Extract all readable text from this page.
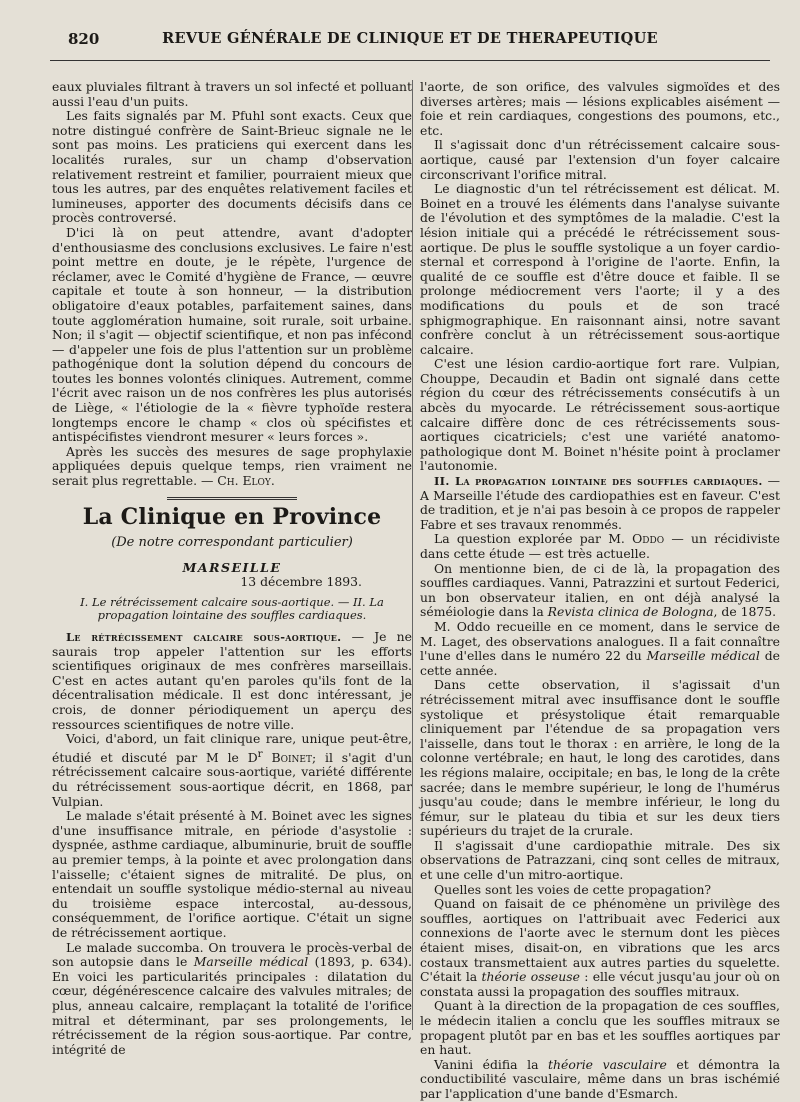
820	REVUE GÉNÉRALE DE CLINIQUE ET DE THERAPEUTIQUE

eaux pluviales filtrant à travers un sol infecté et polluant aussi l'eau d'un puits.

Les faits signalés par M. Pfuhl sont exacts. Ceux que notre distingué confrère de Saint-Brieuc signale ne le sont pas moins. Les praticiens qui exercent dans les localités rurales, sur un champ d'observation relativement restreint et familier, pourraient mieux que tous les autres, par des enquêtes relativement faciles et lumineuses, apporter des documents décisifs dans ce procès controversé.

D'ici là on peut attendre, avant d'adopter d'enthousiasme des conclusions exclusives. Le faire n'est point mettre en doute, je le répète, l'urgence de réclamer, avec le Comité d'hygiène de France, — œuvre capitale et toute à son honneur, — la distribution obligatoire d'eaux potables, parfaitement saines, dans toute agglomération humaine, soit rurale, soit urbaine. Non; il s'agit — objectif scientifique, et non pas infécond — d'appeler une fois de plus l'attention sur un problème pathogénique dont la solution dépend du concours de toutes les bonnes volontés cliniques. Autrement, comme l'écrit avec raison un de nos confrères les plus autorisés de Liège, « l'étiologie de la « fièvre typhoïde restera longtemps encore le champ « clos où spécifistes et antispécifistes viendront mesurer « leurs forces ».

Après les succès des mesures de sage prophylaxie appliquées depuis quelque temps, rien vraiment ne serait plus regrettable. — Ch. Eloy.

La Clinique en Province
(De notre correspondant particulier)
MARSEILLE
13 décembre 1893.
I. Le rétrécissement calcaire sous-aortique. — II. La propagation lointaine des souffles cardiaques.

Le rétrécissement calcaire sous-aortique. — Je ne saurais trop appeler l'attention sur les efforts scientifiques originaux de mes confrères marseillais. C'est en actes autant qu'en paroles qu'ils font de la décentralisation médicale. Il est donc intéressant, je crois, de donner périodiquement un aperçu des ressources scientifiques de notre ville.

Voici, d'abord, un fait clinique rare, unique peut-être, étudié et discuté par M le $D^r$ Boinet; il s'agit d'un rétrécissement calcaire sous-aortique, variété différente du rétrécissement sous-aortique décrit, en 1868, par Vulpian.

Le malade s'était présenté à M. Boinet avec les signes d'une insuffisance mitrale, en période d'asystolie : dyspnée, asthme cardiaque, albuminurie, bruit de souffle au premier temps, à la pointe et avec prolongation dans l'aisselle; c'étaient signes de mitralité. De plus, on entendait un souffle systolique médio-sternal au niveau du troisième espace intercostal, au-dessous, conséquemment, de l'orifice aortique. C'était un signe de rétrécissement aortique.

Le malade succomba. On trouvera le procès-verbal de son autopsie dans le Marseille médical (1893, p. 634). En voici les particularités principales : dilatation du cœur, dégénérescence calcaire des valvules mitrales; de plus, anneau calcaire, remplaçant la totalité de l'orifice mitral et déterminant, par ses prolongements, le rétrécissement de la région sous-aortique. Par contre, intégrité de

l'aorte, de son orifice, des valvules sigmoïdes et des diverses artères; mais — lésions explicables aisément — foie et rein cardiaques, congestions des poumons, etc., etc.

Il s'agissait donc d'un rétrécissement calcaire sous-aortique, causé par l'extension d'un foyer calcaire circonscrivant l'orifice mitral.

Le diagnostic d'un tel rétrécissement est délicat. M. Boinet en a trouvé les éléments dans l'analyse suivante de l'évolution et des symptômes de la maladie. C'est la lésion initiale qui a précédé le rétrécissement sous-aortique. De plus le souffle systolique a un foyer cardio-sternal et correspond à l'origine de l'aorte. Enfin, la qualité de ce souffle est d'être douce et faible. Il se prolonge médiocrement vers l'aorte; il y a des modifications du pouls et de son tracé sphigmographique. En raisonnant ainsi, notre savant confrère conclut à un rétrécissement sous-aortique calcaire.

C'est une lésion cardio-aortique fort rare. Vulpian, Chouppe, Decaudin et Badin ont signalé dans cette région du cœur des rétrécissements consécutifs à un abcès du myocarde. Le rétrécissement sous-aortique calcaire diffère donc de ces rétrécissements sous-aortiques cicatriciels; c'est une variété anatomo-pathologique dont M. Boinet n'hésite point à proclamer l'autonomie.

II. La propagation lointaine des souffles cardiaques. — A Marseille l'étude des cardiopathies est en faveur. C'est de tradition, et je n'ai pas besoin à ce propos de rappeler Fabre et ses travaux renommés.

La question explorée par M. Oddo — un récidiviste dans cette étude — est très actuelle.

On mentionne bien, de ci de là, la propagation des souffles cardiaques. Vanni, Patrazzini et surtout Federici, un bon observateur italien, en ont déjà analysé la séméiologie dans la Revista clinica de Bologna, de 1875.

M. Oddo recueille en ce moment, dans le service de M. Laget, des observations analogues. Il a fait connaître l'une d'elles dans le numéro 22 du Marseille médical de cette année.

Dans cette observation, il s'agissait d'un rétrécissement mitral avec insuffisance dont le souffle systolique et présystolique était remarquable cliniquement par l'étendue de sa propagation vers l'aisselle, dans tout le thorax : en arrière, le long de la colonne vertébrale; en haut, le long des carotides, dans les régions malaire, occipitale; en bas, le long de la crête sacrée; dans le membre supérieur, le long de l'humérus jusqu'au coude; dans le membre inférieur, le long du fémur, sur le plateau du tibia et sur les deux tiers supérieurs du trajet de la crurale.

Il s'agissait d'une cardiopathie mitrale. Des six observations de Patrazzani, cinq sont celles de mitraux, et une celle d'un mitro-aortique.

Quelles sont les voies de cette propagation?

Quand on faisait de ce phénomène un privilège des souffles, aortiques on l'attribuait avec Federici aux connexions de l'aorte avec le sternum dont les pièces étaient mises, disait-on, en vibrations que les arcs costaux transmettaient aux autres parties du squelette. C'était la théorie osseuse : elle vécut jusqu'au jour où on constata aussi la propagation des souffles mitraux.

Quant à la direction de la propagation de ces souffles, le médecin italien a conclu que les souffles mitraux se propagent plutôt par en bas et les souffles aortiques par en haut.

Vanini édifia la théorie vasculaire et démontra la conductibilité vasculaire, même dans un bras ischémié par l'application d'une bande d'Esmarch.
